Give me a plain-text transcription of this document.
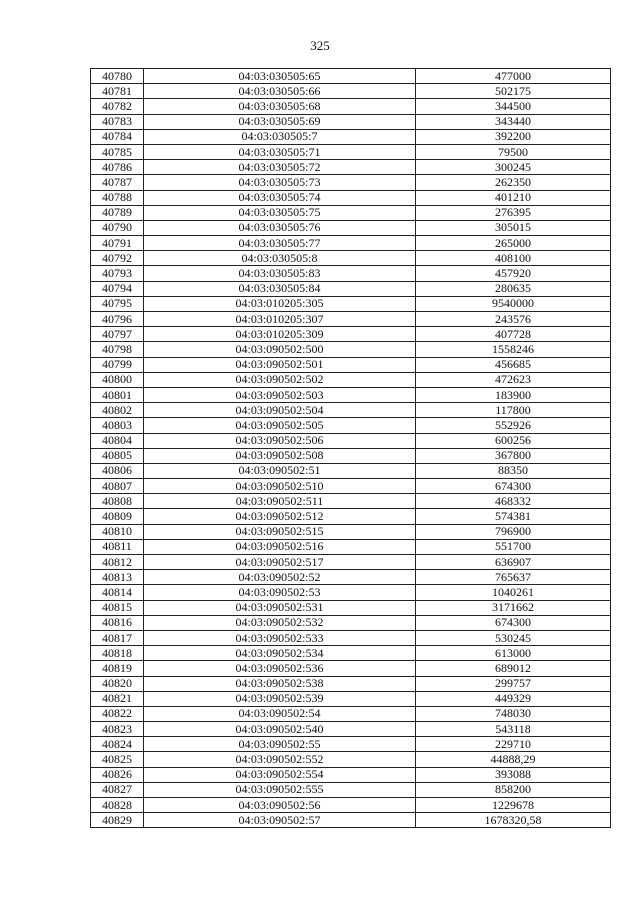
325
40780	04:03:030505:65	477000
40781	04:03:030505:66	502175
40782	04:03:030505:68	344500
40783	04:03:030505:69	343440
40784	04:03:030505:7	392200
40785	04:03:030505:71	79500
40786	04:03:030505:72	300245
40787	04:03:030505:73	262350
40788	04:03:030505:74	401210
40789	04:03:030505:75	276395
40790	04:03:030505:76	305015
40791	04:03:030505:77	265000
40792	04:03:030505:8	408100
40793	04:03:030505:83	457920
40794	04:03:030505:84	280635
40795	04:03:010205:305	9540000
40796	04:03:010205:307	243576
40797	04:03:010205:309	407728
40798	04:03:090502:500	1558246
40799	04:03:090502:501	456685
40800	04:03:090502:502	472623
40801	04:03:090502:503	183900
40802	04:03:090502:504	117800
40803	04:03:090502:505	552926
40804	04:03:090502:506	600256
40805	04:03:090502:508	367800
40806	04:03:090502:51	88350
40807	04:03:090502:510	674300
40808	04:03:090502:511	468332
40809	04:03:090502:512	574381
40810	04:03:090502:515	796900
40811	04:03:090502:516	551700
40812	04:03:090502:517	636907
40813	04:03:090502:52	765637
40814	04:03:090502:53	1040261
40815	04:03:090502:531	3171662
40816	04:03:090502:532	674300
40817	04:03:090502:533	530245
40818	04:03:090502:534	613000
40819	04:03:090502:536	689012
40820	04:03:090502:538	299757
40821	04:03:090502:539	449329
40822	04:03:090502:54	748030
40823	04:03:090502:540	543118
40824	04:03:090502:55	229710
40825	04:03:090502:552	44888,29
40826	04:03:090502:554	393088
40827	04:03:090502:555	858200
40828	04:03:090502:56	1229678
40829	04:03:090502:57	1678320,58
